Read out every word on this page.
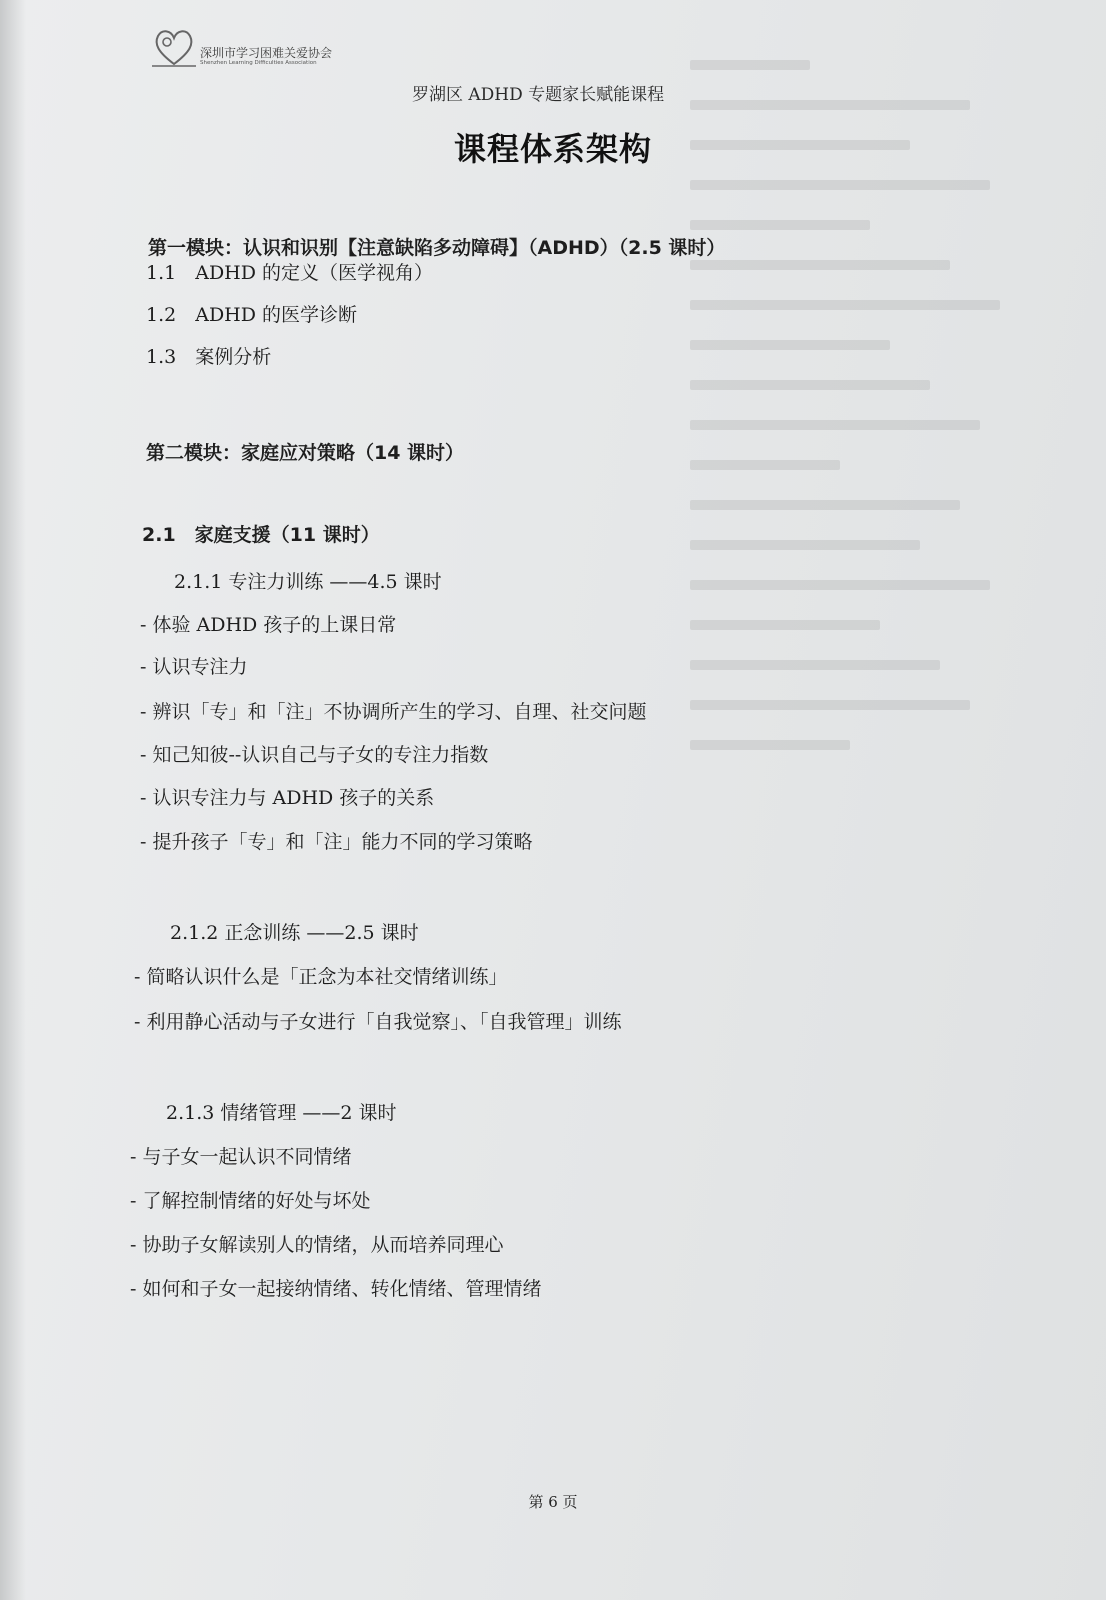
深圳市学习困难关爱协会
Shenzhen Learning Difficulties Association
罗湖区 ADHD 专题家长赋能课程
课程体系架构
第一模块：认识和识别【注意缺陷多动障碍】（ADHD）（2.5 课时）
1.1　ADHD 的定义（医学视角）
1.2　ADHD 的医学诊断
1.3　案例分析
第二模块：家庭应对策略（14 课时）
2.1　家庭支援（11 课时）
2.1.1 专注力训练 ——4.5 课时
- 体验 ADHD 孩子的上课日常
- 认识专注力
- 辨识「专」和「注」不协调所产生的学习、自理、社交问题
- 知己知彼--认识自己与子女的专注力指数
- 认识专注力与 ADHD 孩子的关系
- 提升孩子「专」和「注」能力不同的学习策略
2.1.2 正念训练 ——2.5 课时
- 简略认识什么是「正念为本社交情绪训练」
- 利用静心活动与子女进行「自我觉察」、「自我管理」训练
2.1.3 情绪管理 ——2 课时
- 与子女一起认识不同情绪
- 了解控制情绪的好处与坏处
- 协助子女解读别人的情绪，从而培养同理心
- 如何和子女一起接纳情绪、转化情绪、管理情绪
第 6 页
